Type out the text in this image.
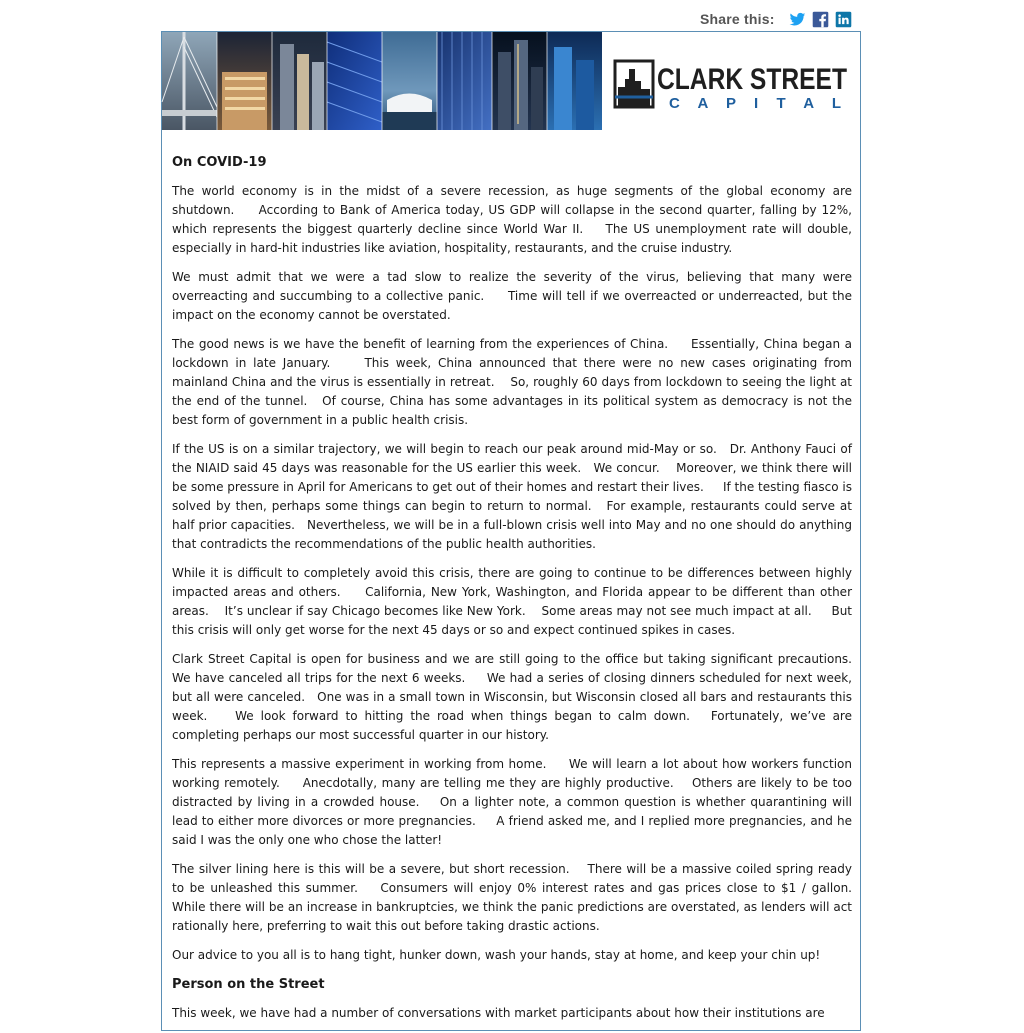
Share this:
CLARK STREET
C A P I T A L
On COVID-19

The world economy is in the midst of a severe recession, as huge segments of the global economy are shutdown.     According to Bank of America today, US GDP will collapse in the second quarter, falling by 12%, which represents the biggest quarterly decline since World War II.    The US unemployment rate will double, especially in hard-hit industries like aviation, hospitality, restaurants, and the cruise industry.

We must admit that we were a tad slow to realize the severity of the virus, believing that many were overreacting and succumbing to a collective panic.     Time will tell if we overreacted or underreacted, but the impact on the economy cannot be overstated.

The good news is we have the benefit of learning from the experiences of China.     Essentially, China began a lockdown in late January.     This week, China announced that there were no new cases originating from mainland China and the virus is essentially in retreat.    So, roughly 60 days from lockdown to seeing the light at the end of the tunnel.   Of course, China has some advantages in its political system as democracy is not the best form of government in a public health crisis.

If the US is on a similar trajectory, we will begin to reach our peak around mid-May or so.   Dr. Anthony Fauci of the NIAID said 45 days was reasonable for the US earlier this week.   We concur.    Moreover, we think there will be some pressure in April for Americans to get out of their homes and restart their lives.     If the testing fiasco is solved by then, perhaps some things can begin to return to normal.   For example, restaurants could serve at half prior capacities.   Nevertheless, we will be in a full-blown crisis well into May and no one should do anything that contradicts the recommendations of the public health authorities.

While it is difficult to completely avoid this crisis, there are going to continue to be differences between highly impacted areas and others.     California, New York, Washington, and Florida appear to be different than other areas.    It’s unclear if say Chicago becomes like New York.    Some areas may not see much impact at all.     But this crisis will only get worse for the next 45 days or so and expect continued spikes in cases.

Clark Street Capital is open for business and we are still going to the office but taking significant precautions.    We have canceled all trips for the next 6 weeks.     We had a series of closing dinners scheduled for next week, but all were canceled.   One was in a small town in Wisconsin, but Wisconsin closed all bars and restaurants this week.    We look forward to hitting the road when things began to calm down.   Fortunately, we’ve are completing perhaps our most successful quarter in our history.

This represents a massive experiment in working from home.     We will learn a lot about how workers function working remotely.     Anecdotally, many are telling me they are highly productive.    Others are likely to be too distracted by living in a crowded house.    On a lighter note, a common question is whether quarantining will lead to either more divorces or more pregnancies.     A friend asked me, and I replied more pregnancies, and he said I was the only one who chose the latter!

The silver lining here is this will be a severe, but short recession.    There will be a massive coiled spring ready to be unleashed this summer.    Consumers will enjoy 0% interest rates and gas prices close to $1 / gallon.     While there will be an increase in bankruptcies, we think the panic predictions are overstated, as lenders will act rationally here, preferring to wait this out before taking drastic actions.

Our advice to you all is to hang tight, hunker down, wash your hands, stay at home, and keep your chin up!

Person on the Street

This week, we have had a number of conversations with market participants about how their institutions are
